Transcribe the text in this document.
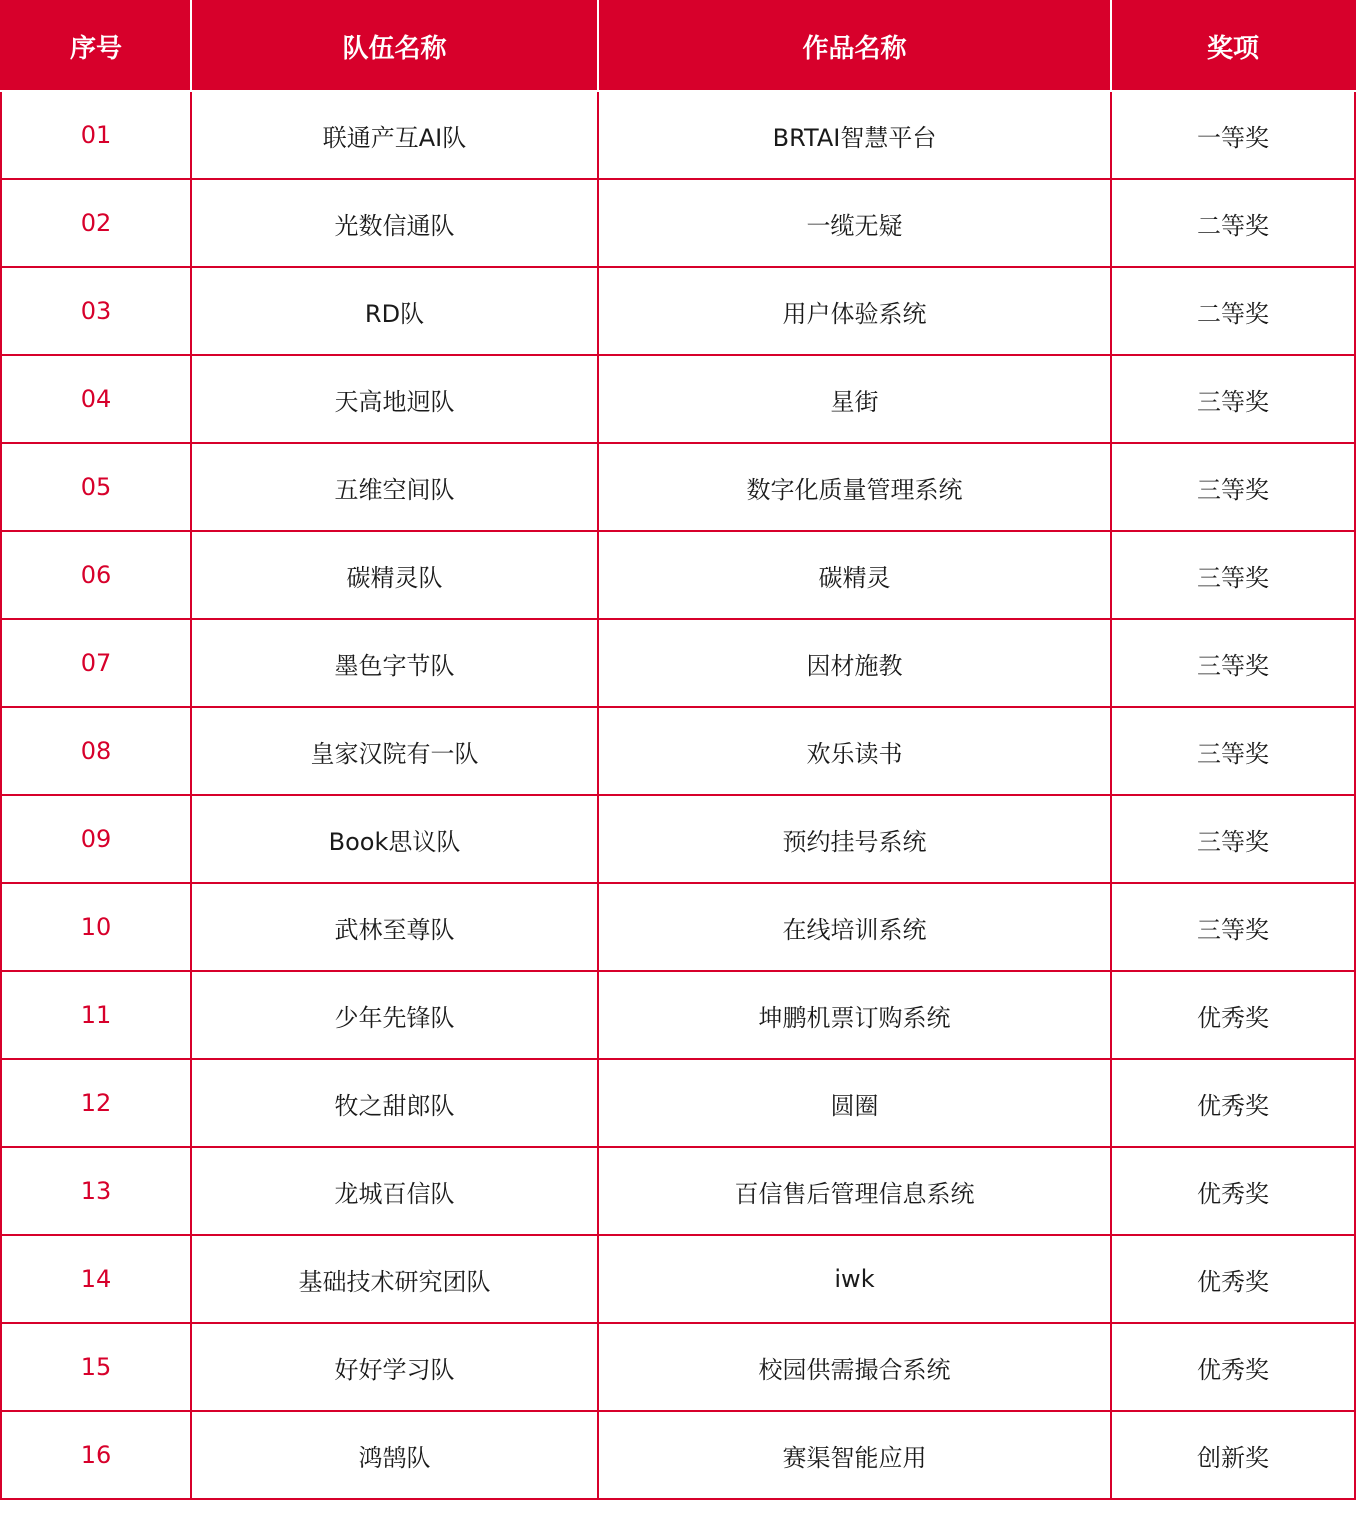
序号	队伍名称	作品名称	奖项
01	联通产互AI队	BRTAI智慧平台	一等奖
02	光数信通队	一缆无疑	二等奖
03	RD队	用户体验系统	二等奖
04	天高地迥队	星街	三等奖
05	五维空间队	数字化质量管理系统	三等奖
06	碳精灵队	碳精灵	三等奖
07	墨色字节队	因材施教	三等奖
08	皇家汉院有一队	欢乐读书	三等奖
09	Book思议队	预约挂号系统	三等奖
10	武林至尊队	在线培训系统	三等奖
11	少年先锋队	坤鹏机票订购系统	优秀奖
12	牧之甜郎队	圆圈	优秀奖
13	龙城百信队	百信售后管理信息系统	优秀奖
14	基础技术研究团队	iwk	优秀奖
15	好好学习队	校园供需撮合系统	优秀奖
16	鸿鹄队	赛渠智能应用	创新奖
